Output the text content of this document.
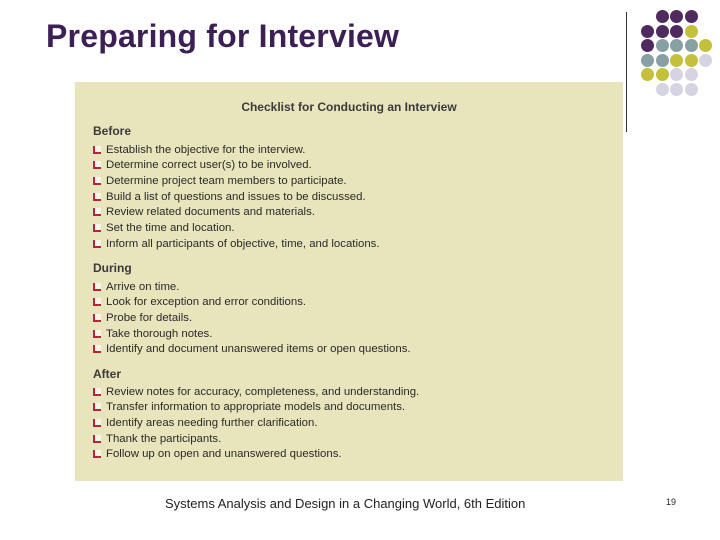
Preparing for Interview
Checklist for Conducting an Interview
Before
Establish the objective for the interview.
Determine correct user(s) to be involved.
Determine project team members to participate.
Build a list of questions and issues to be discussed.
Review related documents and materials.
Set the time and location.
Inform all participants of objective, time, and locations.
During
Arrive on time.
Look for exception and error conditions.
Probe for details.
Take thorough notes.
Identify and document unanswered items or open questions.
After
Review notes for accuracy, completeness, and understanding.
Transfer information to appropriate models and documents.
Identify areas needing further clarification.
Thank the participants.
Follow up on open and unanswered questions.
Systems Analysis and Design in a Changing World, 6th Edition	19
